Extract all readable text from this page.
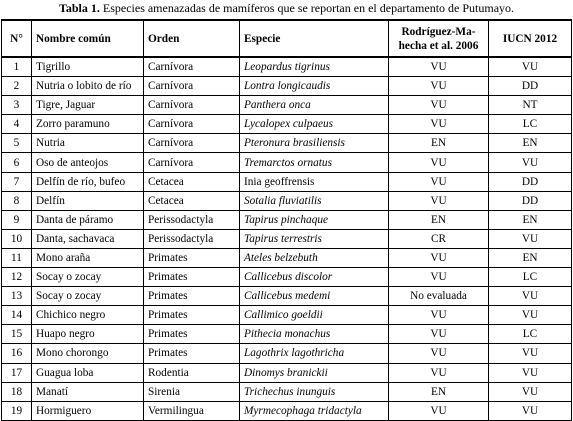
Tabla 1. Especies amenazadas de mamíferos que se reportan en el departamento de Putumayo.
N°	Nombre común	Orden	Especie	Rodríguez-Ma-hecha et al. 2006	IUCN 2012
1	Tigrillo	Carnívora	Leopardus tigrinus	VU	VU
2	Nutria o lobito de río	Carnívora	Lontra longicaudis	VU	DD
3	Tigre, Jaguar	Carnívora	Panthera onca	VU	NT
4	Zorro paramuno	Carnívora	Lycalopex culpaeus	VU	LC
5	Nutria	Carnívora	Pteronura brasiliensis	EN	EN
6	Oso de anteojos	Carnívora	Tremarctos ornatus	VU	VU
7	Delfín de río, bufeo	Cetacea	Inia geoffrensis	VU	DD
8	Delfín	Cetacea	Sotalia fluviatilis	VU	DD
9	Danta de páramo	Perissodactyla	Tapirus pinchaque	EN	EN
10	Danta, sachavaca	Perissodactyla	Tapirus terrestris	CR	VU
11	Mono araña	Primates	Ateles belzebuth	VU	EN
12	Socay o zocay	Primates	Callicebus discolor	VU	LC
13	Socay o zocay	Primates	Callicebus medemi	No evaluada	VU
14	Chichico negro	Primates	Callimico goeldii	VU	VU
15	Huapo negro	Primates	Pithecia monachus	VU	LC
16	Mono chorongo	Primates	Lagothrix lagothricha	VU	VU
17	Guagua loba	Rodentia	Dinomys branickii	VU	VU
18	Manatí	Sirenia	Trichechus inunguis	EN	VU
19	Hormiguero	Vermilingua	Myrmecophaga tridactyla	VU	VU
